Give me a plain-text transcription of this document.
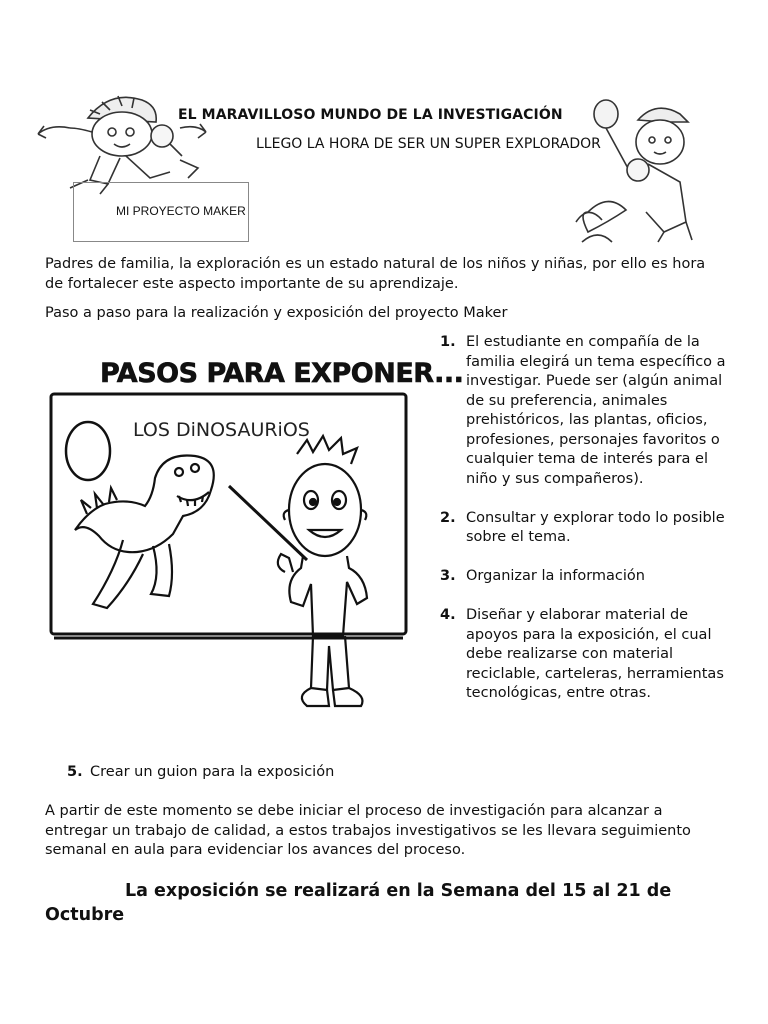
EL MARAVILLOSO MUNDO DE LA INVESTIGACIÓN
LLEGO LA HORA DE SER UN SUPER EXPLORADOR
MI PROYECTO MAKER

Padres de familia, la exploración es un estado natural de los niños y niñas, por ello es hora de fortalecer este aspecto importante de su aprendizaje.

Paso a paso para la realización y exposición del proyecto Maker

PASOS PARA EXPONER...
LOS DiNOSAURiOS
1. El estudiante en compañía de la familia elegirá un tema específico a investigar. Puede ser (algún animal de su preferencia, animales prehistóricos, las plantas, oficios, profesiones, personajes favoritos o cualquier tema de interés para el niño y sus compañeros).
2. Consultar y explorar todo lo posible sobre el tema.
3. Organizar la información
4. Diseñar y elaborar material de apoyos para la exposición, el cual debe realizarse con material reciclable, carteleras, herramientas tecnológicas, entre otras.
5. Crear un guion para la exposición

A partir de este momento se debe iniciar el proceso de investigación para alcanzar a entregar un trabajo de calidad, a estos trabajos investigativos se les llevara seguimiento semanal en aula para evidenciar los avances del proceso.

La exposición se realizará en la Semana del 15 al 21 de Octubre
